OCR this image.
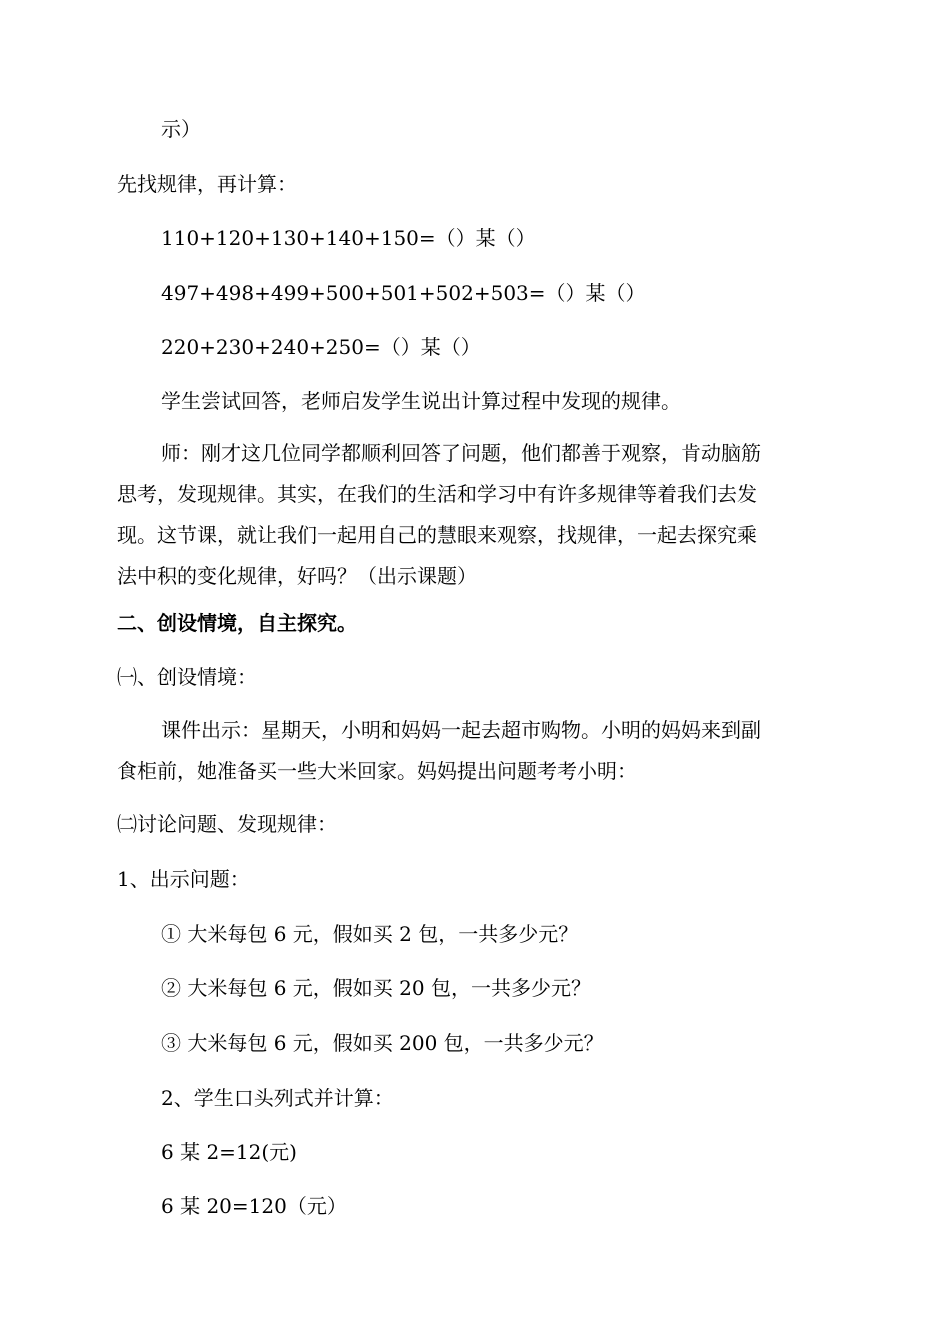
示）

先找规律，再计算：

110+120+130+140+150=（）某（）

497+498+499+500+501+502+503=（）某（）

220+230+240+250=（）某（）

学生尝试回答，老师启发学生说出计算过程中发现的规律。

师：刚才这几位同学都顺利回答了问题，他们都善于观察，肯动脑筋
思考，发现规律。其实，在我们的生活和学习中有许多规律等着我们去发
现。这节课，就让我们一起用自己的慧眼来观察，找规律，一起去探究乘
法中积的变化规律，好吗？（出示课题）

二、创设情境，自主探究。

㈠、创设情境：

课件出示：星期天，小明和妈妈一起去超市购物。小明的妈妈来到副
食柜前，她准备买一些大米回家。妈妈提出问题考考小明：

㈡讨论问题、发现规律：

1、出示问题：

① 大米每包 6 元，假如买 2 包，一共多少元？

② 大米每包 6 元，假如买 20 包，一共多少元？

③ 大米每包 6 元，假如买 200 包，一共多少元？

2、学生口头列式并计算：

6 某 2=12(元)

6 某 20=120（元）
